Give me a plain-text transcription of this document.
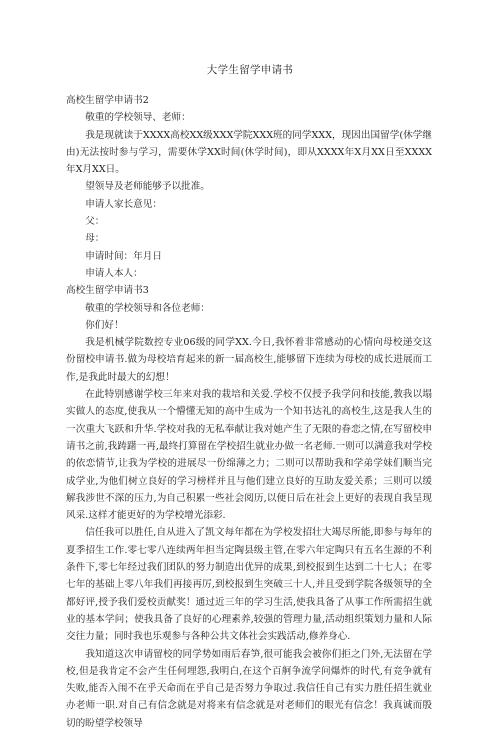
大学生留学申请书

高校生留学申请书2

敬重的学校领导、老师：

我是现就读于XXXX高校XX级XXX学院XXX班的同学XXX，现因出国留学(休学继由)无法按时参与学习，需要休学XX时间(休学时间)，即从XXXX年X月XX日至XXXX年X月XX日。

望领导及老师能够予以批准。

申请人家长意见：

父：

母：

申请时间：年月日

申请人本人：

高校生留学申请书3

敬重的学校领导和各位老师：

你们好！

我是机械学院数控专业06级的同学XX.今日,我怀着非常感动的心情向母校递交这份留校申请书.做为母校培育起来的新一届高校生,能够留下连续为母校的成长进展而工作,是我此时最大的幻想！

在此特别感谢学校三年来对我的栽培和关爱.学校不仅授予我学问和技能,教我以塌实做人的态度,使我从一个懵懂无知的高中生成为一个知书达礼的高校生,这是我人生的一次重大飞跃和升华.学校对我的无私奉献让我对她产生了无限的眷恋之情,在写留校申请书之前,我踌躇一再,最终打算留在学校招生就业办做一名老师.一则可以满意我对学校的依恋情节,让我为学校的进展尽一份绵薄之力；二则可以帮助我和学弟学妹们顺当完成学业,为他们树立良好的学习榜样并且与他们建立良好的互助友爱关系；三则可以缓解我涉世不深的压力,为自己积累一些社会阅历,以便日后在社会上更好的表现自我呈现风采.这样才能更好的为学校增光添彩.

信任我可以胜任,自从进入了凯文每年都在为学校发招壮大竭尽所能,即参与每年的夏季招生工作.零七零八连续两年担当定陶县级主管,在零六年定陶只有五名生源的不利条件下,零七年经过我们团队的努力制造出优异的成果,到校报到生达到二十七人；在零七年的基础上零八年我们再接再厉,到校报到生突破三十人,并且受到学院各级领导的全都好评,授予我们爱校贡献奖！通过近三年的学习生活,使我具备了从事工作所需招生就业的基本学问；使我具备了良好的心理素养,较强的管理力量,活动组织策划力量和人际交往力量；同时我也乐观参与各种公共文体社会实践活动,修养身心.

我知道这次申请留校的同学势如雨后春笋,很可能我会被你们拒之门外,无法留在学校,但是我肯定不会产生任何埋怨,我明白,在这个百舸争流学问爆炸的时代,有竞争就有失败,能否入闱不在乎天命而在乎自己是否努力争取过.我信任自己有实力胜任招生就业办老师一职.对自己有信念就是对将来有信念就是对老师们的眼光有信念！我真诚而殷切的盼望学校领导
